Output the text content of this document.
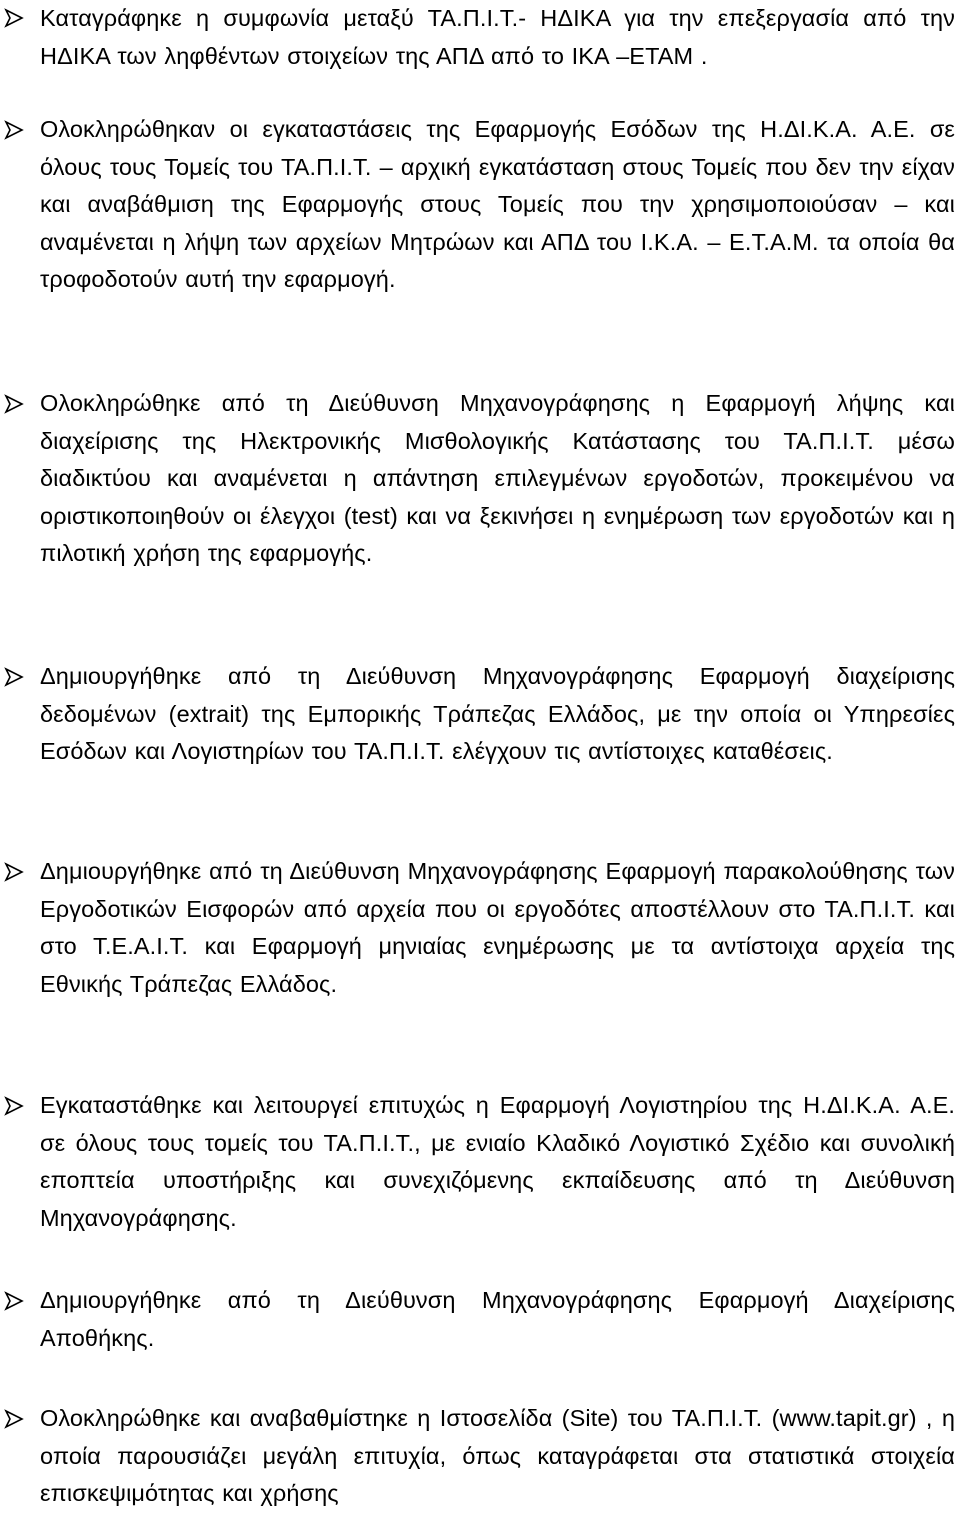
Καταγράφηκε η συμφωνία μεταξύ ΤΑ.Π.Ι.Τ.- ΗΔΙΚΑ για την επεξεργασία από την ΗΔΙΚΑ των ληφθέντων στοιχείων της ΑΠΔ από το ΙΚΑ –ΕΤΑΜ .

Ολοκληρώθηκαν οι εγκαταστάσεις της Εφαρμογής Εσόδων της Η.ΔΙ.Κ.Α. Α.Ε. σε όλους τους Τομείς του ΤΑ.Π.Ι.Τ. – αρχική εγκατάσταση στους Τομείς που δεν την είχαν και αναβάθμιση της Εφαρμογής στους Τομείς που την χρησιμοποιούσαν – και αναμένεται η λήψη των αρχείων Μητρώων και ΑΠΔ του Ι.Κ.Α. – Ε.Τ.Α.Μ. τα οποία θα τροφοδοτούν αυτή την εφαρμογή.

Ολοκληρώθηκε από τη Διεύθυνση Μηχανογράφησης η Εφαρμογή λήψης και διαχείρισης της Ηλεκτρονικής Μισθολογικής Κατάστασης του ΤΑ.Π.Ι.Τ. μέσω διαδικτύου και αναμένεται η απάντηση επιλεγμένων εργοδοτών, προκειμένου να οριστικοποιηθούν οι έλεγχοι (test) και να ξεκινήσει η ενημέρωση των εργοδοτών και η πιλοτική χρήση της εφαρμογής.

Δημιουργήθηκε από τη Διεύθυνση Μηχανογράφησης Εφαρμογή διαχείρισης δεδομένων (extrait) της Εμπορικής Τράπεζας Ελλάδος, με την οποία οι Υπηρεσίες Εσόδων και Λογιστηρίων του ΤΑ.Π.Ι.Τ. ελέγχουν τις αντίστοιχες καταθέσεις.

Δημιουργήθηκε από τη Διεύθυνση Μηχανογράφησης Εφαρμογή παρακολούθησης των Εργοδοτικών Εισφορών από αρχεία που οι εργοδότες αποστέλλουν στο ΤΑ.Π.Ι.Τ. και στο Τ.Ε.Α.Ι.Τ. και Εφαρμογή μηνιαίας ενημέρωσης με τα αντίστοιχα αρχεία της Εθνικής Τράπεζας Ελλάδος.

Εγκαταστάθηκε και λειτουργεί επιτυχώς η Εφαρμογή Λογιστηρίου της Η.ΔΙ.Κ.Α. Α.Ε. σε όλους τους τομείς του ΤΑ.Π.Ι.Τ., με ενιαίο Κλαδικό Λογιστικό Σχέδιο και συνολική εποπτεία υποστήριξης και συνεχιζόμενης εκπαίδευσης από τη Διεύθυνση Μηχανογράφησης.

Δημιουργήθηκε από τη Διεύθυνση Μηχανογράφησης Εφαρμογή Διαχείρισης Αποθήκης.

Ολοκληρώθηκε και αναβαθμίστηκε η Ιστοσελίδα (Site) του ΤΑ.Π.Ι.Τ. (www.tapit.gr) , η οποία παρουσιάζει μεγάλη επιτυχία, όπως καταγράφεται στα στατιστικά στοιχεία επισκεψιμότητας και χρήσης
